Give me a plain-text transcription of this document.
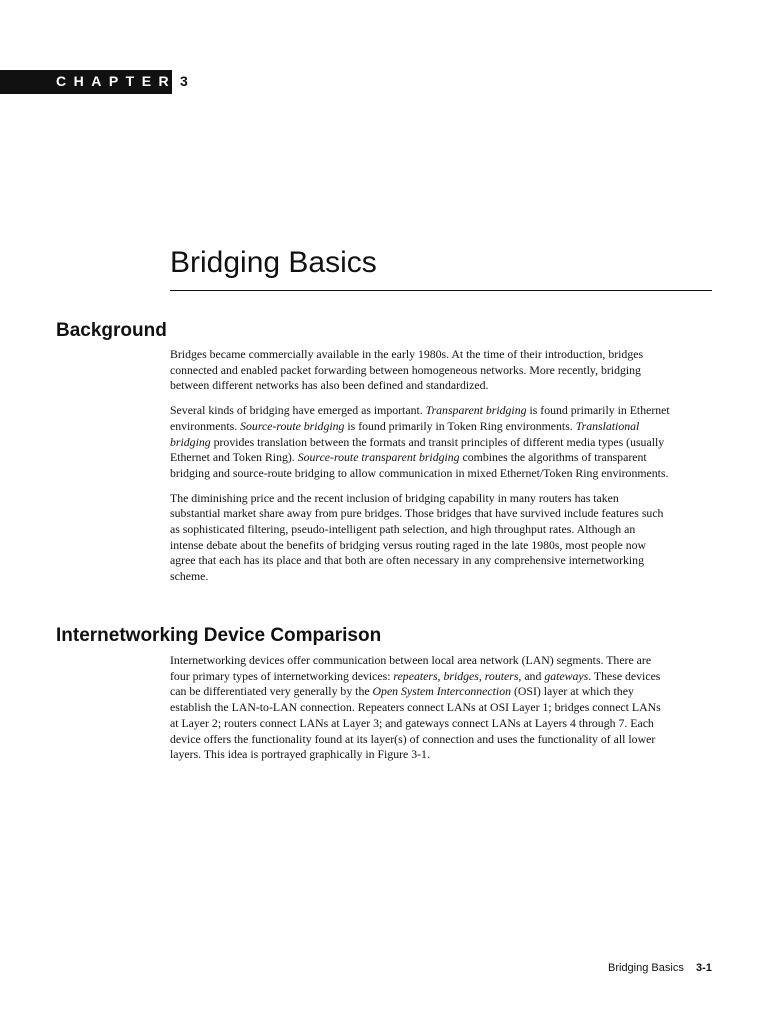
CHAPTER 3
Bridging Basics
Background

Bridges became commercially available in the early 1980s. At the time of their introduction, bridges connected and enabled packet forwarding between homogeneous networks. More recently, bridging between different networks has also been defined and standardized.

Several kinds of bridging have emerged as important. Transparent bridging is found primarily in Ethernet environments. Source-route bridging is found primarily in Token Ring environments. Translational bridging provides translation between the formats and transit principles of different media types (usually Ethernet and Token Ring). Source-route transparent bridging combines the algorithms of transparent bridging and source-route bridging to allow communication in mixed Ethernet/Token Ring environments.

The diminishing price and the recent inclusion of bridging capability in many routers has taken substantial market share away from pure bridges. Those bridges that have survived include features such as sophisticated filtering, pseudo-intelligent path selection, and high throughput rates. Although an intense debate about the benefits of bridging versus routing raged in the late 1980s, most people now agree that each has its place and that both are often necessary in any comprehensive internetworking scheme.

Internetworking Device Comparison

Internetworking devices offer communication between local area network (LAN) segments. There are four primary types of internetworking devices: repeaters, bridges, routers, and gateways. These devices can be differentiated very generally by the Open System Interconnection (OSI) layer at which they establish the LAN-to-LAN connection. Repeaters connect LANs at OSI Layer 1; bridges connect LANs at Layer 2; routers connect LANs at Layer 3; and gateways connect LANs at Layers 4 through 7. Each device offers the functionality found at its layer(s) of connection and uses the functionality of all lower layers. This idea is portrayed graphically in Figure 3-1.

Bridging Basics 3-1
